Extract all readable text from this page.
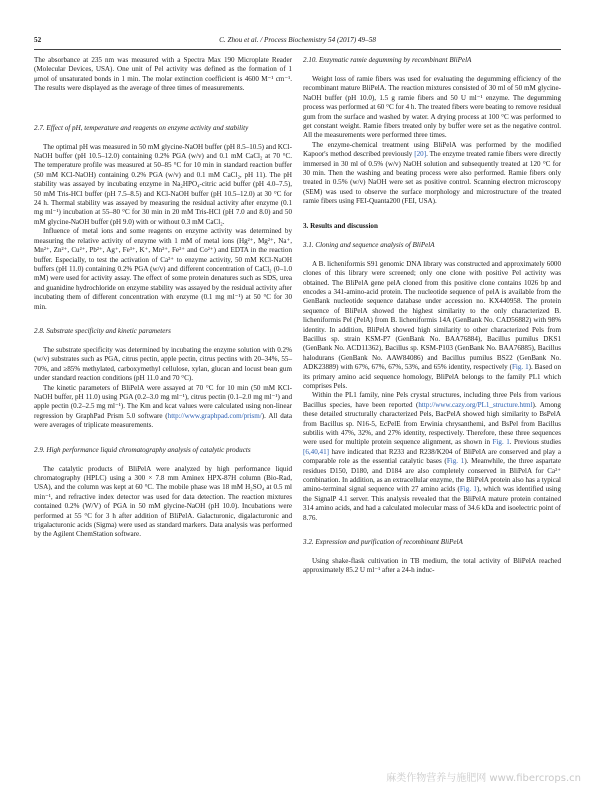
52	C. Zhou et al. / Process Biochemistry 54 (2017) 49–58

The absorbance at 235 nm was measured with a Spectra Max 190 Microplate Reader (Molecular Devices, USA). One unit of Pel activity was defined as the formation of 1 μmol of unsaturated bonds in 1 min. The molar extinction coefficient is 4600 M⁻¹ cm⁻¹. The results were displayed as the average of three times of measurements.

2.7. Effect of pH, temperature and reagents on enzyme activity and stability

The optimal pH was measured in 50 mM glycine-NaOH buffer (pH 8.5–10.5) and KCl-NaOH buffer (pH 10.5–12.0) containing 0.2% PGA (w/v) and 0.1 mM CaCl₂ at 70 °C. The temperature profile was measured at 50–85 °C for 10 min in standard reaction buffer (50 mM KCl-NaOH) containing 0.2% PGA (w/v) and 0.1 mM CaCl₂, pH 11). The pH stability was assayed by incubating enzyme in Na₂HPO₄-citric acid buffer (pH 4.0–7.5), 50 mM Tris-HCl buffer (pH 7.5–8.5) and KCl-NaOH buffer (pH 10.5–12.0) at 30 °C for 24 h. Thermal stability was assayed by measuring the residual activity after enzyme (0.1 mg ml⁻¹) incubation at 55–80 °C for 30 min in 20 mM Tris-HCl (pH 7.0 and 8.0) and 50 mM glycine-NaOH buffer (pH 9.0) with or without 0.3 mM CaCl₂.

Influence of metal ions and some reagents on enzyme activity was determined by measuring the relative activity of enzyme with 1 mM of metal ions (Hg²⁺, Mg²⁺, Na⁺, Mn²⁺, Zn²⁺, Cu²⁺, Pb²⁺, Ag⁺, Fe³⁺, K⁺, Mn²⁺, Fe²⁺ and Co²⁺) and EDTA in the reaction buffer. Especially, to test the activation of Ca²⁺ to enzyme activity, 50 mM KCl-NaOH buffers (pH 11.0) containing 0.2% PGA (w/v) and different concentration of CaCl₂ (0–1.0 mM) were used for activity assay. The effect of some protein denatures such as SDS, urea and guanidine hydrochloride on enzyme stability was assayed by the residual activity after incubating them of different concentration with enzyme (0.1 mg ml⁻¹) at 50 °C for 30 min.

2.8. Substrate specificity and kinetic parameters

The substrate specificity was determined by incubating the enzyme solution with 0.2% (w/v) substrates such as PGA, citrus pectin, apple pectin, citrus pectins with 20–34%, 55–70%, and ≥85% methylated, carboxymethyl cellulose, xylan, glucan and locust bean gum under standard reaction conditions (pH 11.0 and 70 °C).

The kinetic parameters of BliPelA were assayed at 70 °C for 10 min (50 mM KCl-NaOH buffer, pH 11.0) using PGA (0.2–3.0 mg ml⁻¹), citrus pectin (0.1–2.0 mg ml⁻¹) and apple pectin (0.2–2.5 mg ml⁻¹). The Km and kcat values were calculated using non-linear regression by GraphPad Prism 5.0 software (http://www.graphpad.com/prism/). All data were averages of triplicate measurements.

2.9. High performance liquid chromatography analysis of catalytic products

The catalytic products of BliPelA were analyzed by high performance liquid chromatography (HPLC) using a 300 × 7.8 mm Aminex HPX-87H column (Bio-Rad, USA), and the column was kept at 60 °C. The mobile phase was 18 mM H₂SO₄ at 0.5 ml min⁻¹, and refractive index detector was used for data detection. The reaction mixtures contained 0.2% (W/V) of PGA in 50 mM glycine-NaOH (pH 10.0). Incubations were performed at 55 °C for 3 h after addition of BliPelA. Galacturonic, digalacturonic and trigalacturonic acids (Sigma) were used as standard markers. Data analysis was performed by the Agilent ChemStation software.

2.10. Enzymatic ramie degumming by recombinant BliPelA

Weight loss of ramie fibers was used for evaluating the degumming efficiency of the recombinant mature BliPelA. The reaction mixtures consisted of 30 ml of 50 mM glycine-NaOH buffer (pH 10.0), 1.5 g ramie fibers and 50 U ml⁻¹ enzyme. The degumming process was performed at 60 °C for 4 h. The treated fibers were beating to remove residual gum from the surface and washed by water. A drying process at 100 °C was performed to get constant weight. Ramie fibers treated only by buffer were set as the negative control. All the measurements were performed three times.

The enzyme-chemical treatment using BliPelA was performed by the modified Kapoor's method described previously [20]. The enzyme treated ramie fibers were directly immersed in 30 ml of 0.5% (w/v) NaOH solution and subsequently treated at 120 °C for 30 min. Then the washing and beating process were also performed. Ramie fibers only treated in 0.5% (w/v) NaOH were set as positive control. Scanning electron microscopy (SEM) was used to observe the surface morphology and microstructure of the treated ramie fibers using FEI-Quanta200 (FEI, USA).

3. Results and discussion
3.1. Cloning and sequence analysis of BliPelA

A B. licheniformis S91 genomic DNA library was constructed and approximately 6000 clones of this library were screened; only one clone with positive Pel activity was obtained. The BliPelA gene pelA cloned from this positive clone contains 1026 bp and encodes a 341-amino-acid protein. The nucleotide sequence of pelA is available from the GenBank nucleotide sequence database under accession no. KX440958. The protein sequence of BliPelA showed the highest similarity to the only characterized B. licheniformis Pel (PelA) from B. licheniformis 14A (GenBank No. CAD56882) with 98% identity. In addition, BliPelA showed high similarity to other characterized Pels from Bacillus sp. strain KSM-P7 (GenBank No. BAA76884), Bacillus pumilus DKS1 (GenBank No. ACD11362), Bacillus sp. KSM-P103 (GenBank No. BAA76885), Bacillus halodurans (GenBank No. AAW84086) and Bacillus pumilus BS22 (GenBank No. ADK23889) with 67%, 67%, 67%, 53%, and 65% identity, respectively (Fig. 1). Based on its primary amino acid sequence homology, BliPelA belongs to the family PL1 which comprises Pels.

Within the PL1 family, nine Pels crystal structures, including three Pels from various Bacillus species, have been reported (http://www.cazy.org/PL1_structure.html). Among these detailed structurally characterized Pels, BacPelA showed high similarity to BsPelA from Bacillus sp. N16-5, EcPelE from Erwinia chrysanthemi, and BsPel from Bacillus subtilis with 47%, 32%, and 27% identity, respectively. Therefore, these three sequences were used for multiple protein sequence alignment, as shown in Fig. 1. Previous studies [6,40,41] have indicated that R233 and R238/K204 of BliPelA are conserved and play a comparable role as the essential catalytic bases (Fig. 1). Meanwhile, the three aspartate residues D150, D180, and D184 are also completely conserved in BliPelA for Ca²⁺ combination. In addition, as an extracellular enzyme, the BliPelA protein also has a typical amino-terminal signal sequence with 27 amino acids (Fig. 1), which was identified using the SignalP 4.1 server. This analysis revealed that the BliPelA mature protein contained 314 amino acids, and had a calculated molecular mass of 34.6 kDa and isoelectric point of 8.76.

3.2. Expression and purification of recombinant BliPelA

Using shake-flask cultivation in TB medium, the total activity of BliPelA reached approximately 85.2 U ml⁻¹ after a 24-h induc-

麻类作物营养与施肥网 www.fibercrops.cn
